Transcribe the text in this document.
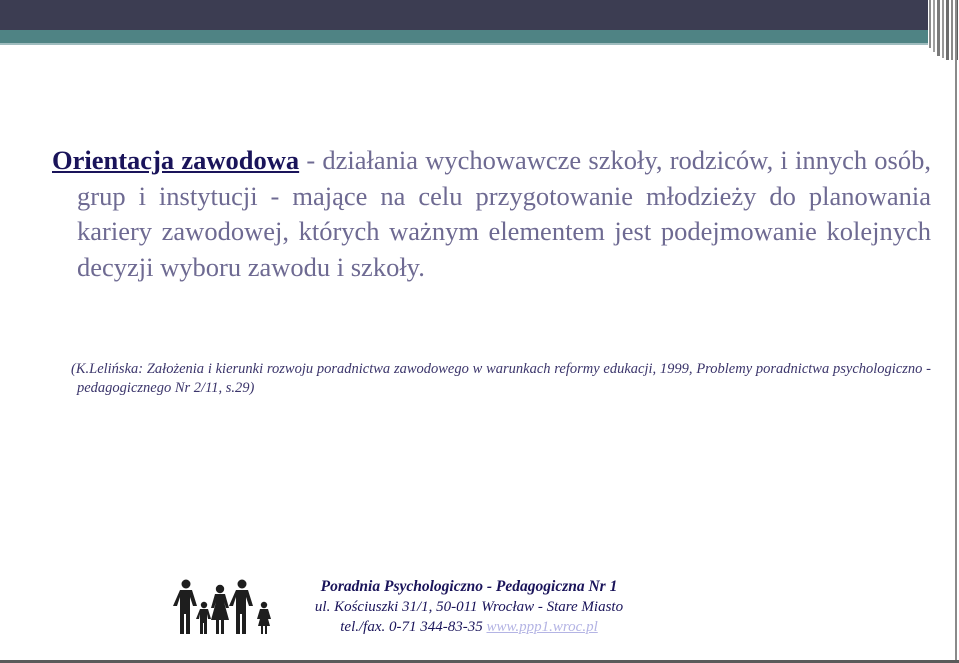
Orientacja zawodowa - działania wychowawcze szkoły, rodziców, i innych osób, grup i instytucji - mające na celu przygotowanie młodzieży do planowania kariery zawodowej, których ważnym elementem jest podejmowanie kolejnych decyzji wyboru zawodu i szkoły.

(K.Lelińska: Założenia i kierunki rozwoju poradnictwa zawodowego w warunkach reformy edukacji, 1999, Problemy poradnictwa psychologiczno - pedagogicznego Nr 2/11, s.29)

Poradnia Psychologiczno - Pedagogiczna Nr 1
ul. Kościuszki 31/1, 50-011 Wrocław - Stare Miasto
tel./fax. 0-71 344-83-35 www.ppp1.wroc.pl
